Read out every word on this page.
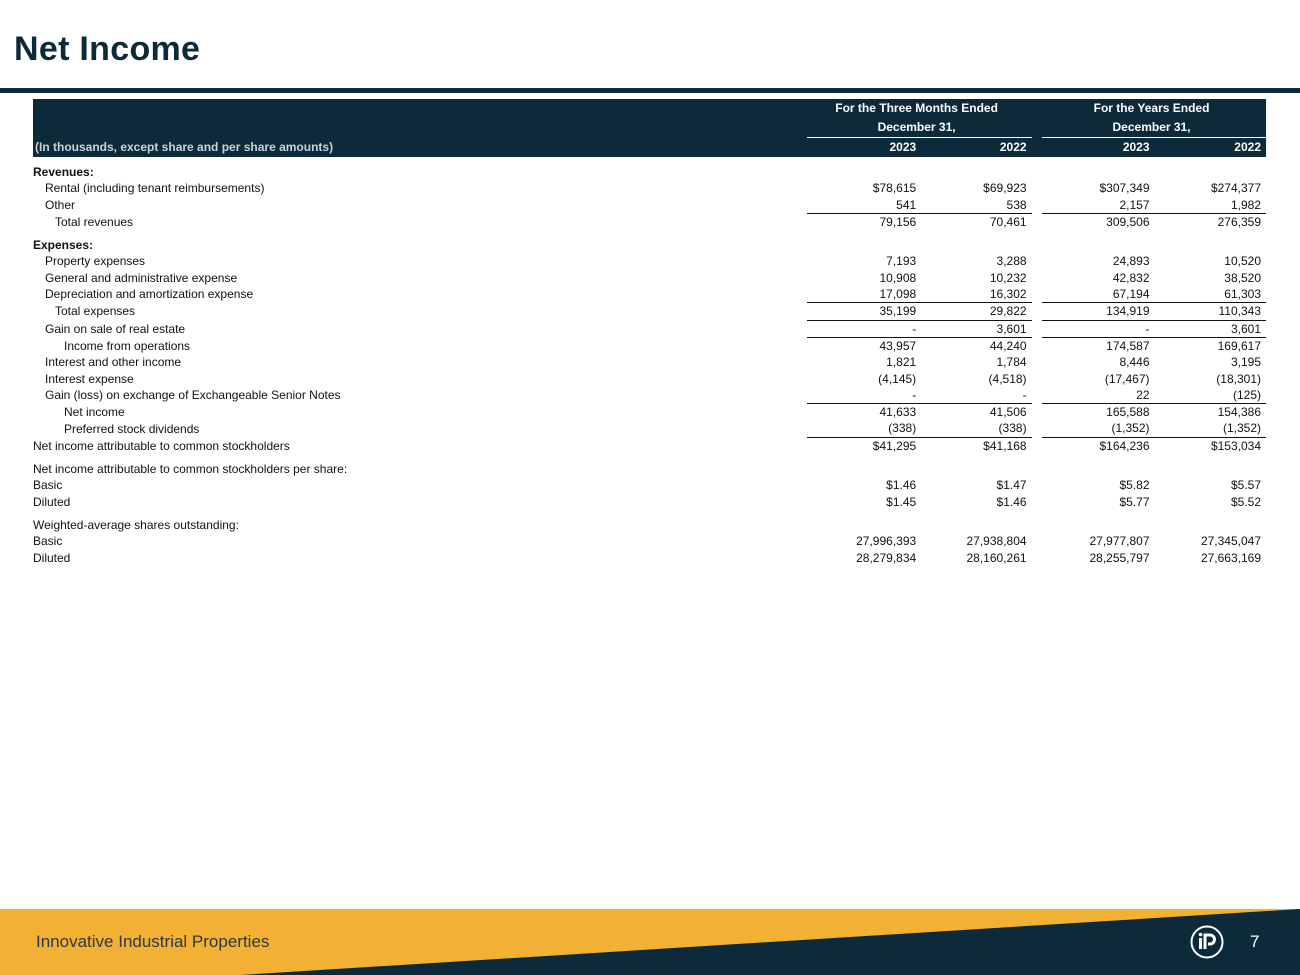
Net Income
	For the Three Months Ended			For the Years Ended	
	December 31,			December 31,	
(In thousands, except share and per share amounts)	2023	2022		2023	2022

Revenues:					
Rental (including tenant reimbursements)	$78,615	$69,923		$307,349	$274,377
Other	541	538		2,157	1,982
Total revenues	79,156	70,461		309,506	276,359

Expenses:					
Property expenses	7,193	3,288		24,893	10,520
General and administrative expense	10,908	10,232		42,832	38,520
Depreciation and amortization expense	17,098	16,302		67,194	61,303
Total expenses	35,199	29,822		134,919	110,343
Gain on sale of real estate	-	3,601		-	3,601
Income from operations	43,957	44,240		174,587	169,617
Interest and other income	1,821	1,784		8,446	3,195
Interest expense	(4,145)	(4,518)		(17,467)	(18,301)
Gain (loss) on exchange of Exchangeable Senior Notes	-	-		22	(125)
Net income	41,633	41,506		165,588	154,386
Preferred stock dividends	(338)	(338)		(1,352)	(1,352)
Net income attributable to common stockholders	$41,295	$41,168		$164,236	$153,034

Net income attributable to common stockholders per share:					
Basic	$1.46	$1.47		$5.82	$5.57
Diluted	$1.45	$1.46		$5.77	$5.52

Weighted-average shares outstanding:					
Basic	27,996,393	27,938,804		27,977,807	27,345,047
Diluted	28,279,834	28,160,261		28,255,797	27,663,169
Innovative Industrial Properties	7
